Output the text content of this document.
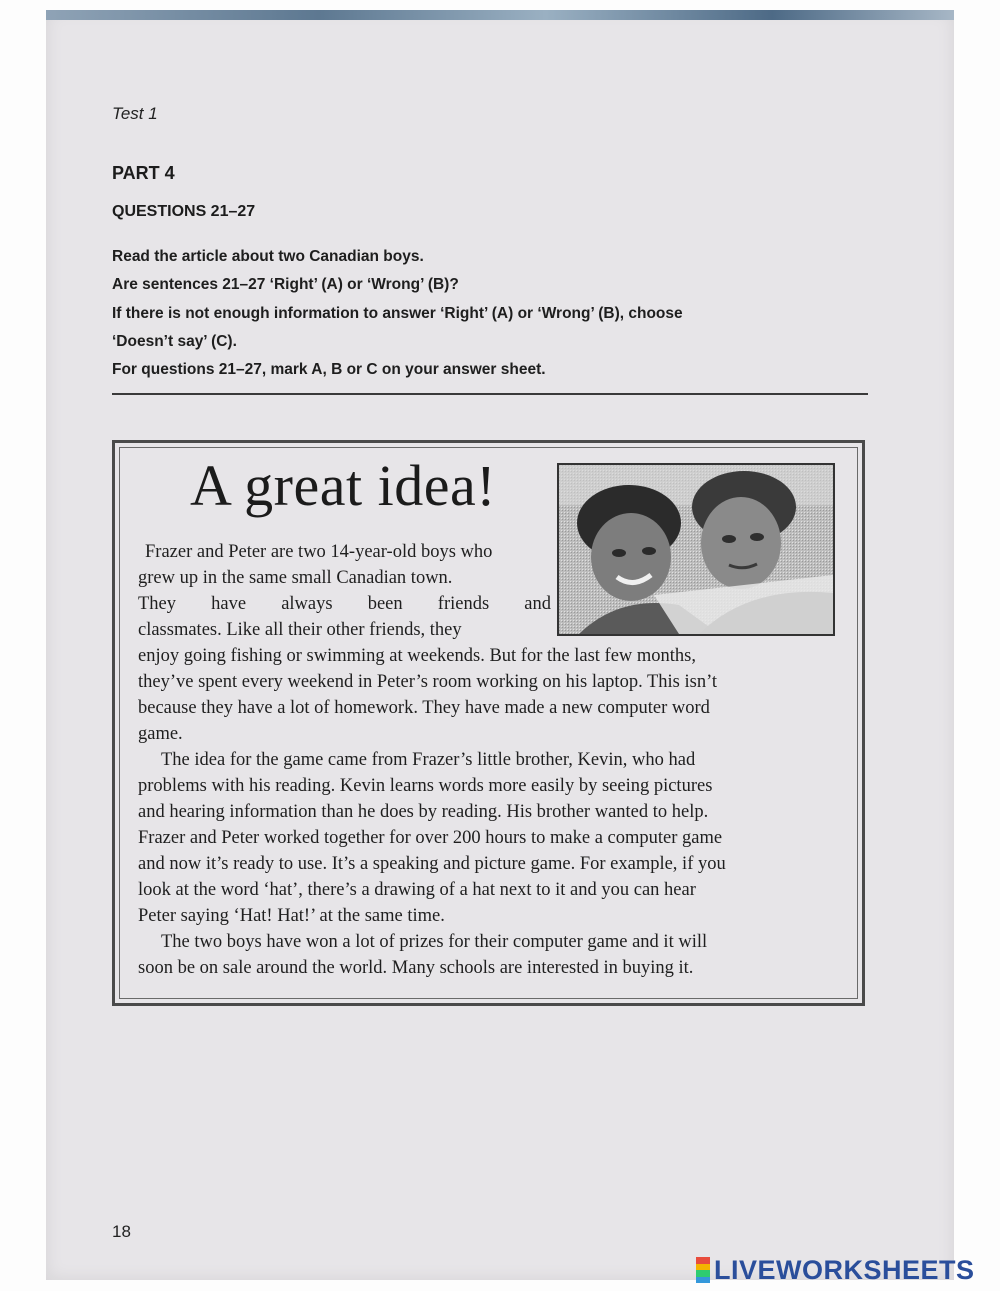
Test 1
PART 4
QUESTIONS 21–27
Read the article about two Canadian boys.
Are sentences 21–27 ‘Right’ (A) or ‘Wrong’ (B)?
If there is not enough information to answer ‘Right’ (A) or ‘Wrong’ (B), choose
‘Doesn’t say’ (C).
For questions 21–27, mark A, B or C on your answer sheet.
A great idea!
Frazer and Peter are two 14-year-old boys who
grew up in the same small Canadian town.
They have always been friends and
classmates. Like all their other friends, they
enjoy going fishing or swimming at weekends. But for the last few months,
they’ve spent every weekend in Peter’s room working on his laptop. This isn’t
because they have a lot of homework. They have made a new computer word
game.
The idea for the game came from Frazer’s little brother, Kevin, who had
problems with his reading. Kevin learns words more easily by seeing pictures
and hearing information than he does by reading. His brother wanted to help.
Frazer and Peter worked together for over 200 hours to make a computer game
and now it’s ready to use. It’s a speaking and picture game. For example, if you
look at the word ‘hat’, there’s a drawing of a hat next to it and you can hear
Peter saying ‘Hat! Hat!’ at the same time.
The two boys have won a lot of prizes for their computer game and it will
soon be on sale around the world. Many schools are interested in buying it.
18
LIVEWORKSHEETS
